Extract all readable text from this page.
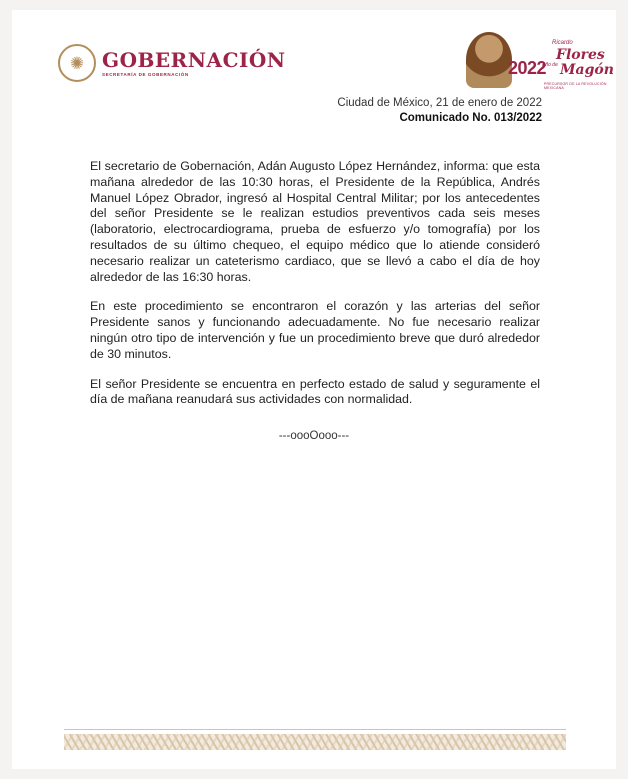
✺ GOBERNACIÓN
SECRETARÍA DE GOBERNACIÓN	2022
Ricardo
Flores
Año de Magón
PRECURSOR DE LA REVOLUCIÓN MEXICANA
Ciudad de México, 21 de enero de 2022
Comunicado No. 013/2022

El secretario de Gobernación, Adán Augusto López Hernández, informa: que esta mañana alrededor de las 10:30 horas, el Presidente de la República, Andrés Manuel López Obrador, ingresó al Hospital Central Militar; por los antecedentes del señor Presidente se le realizan estudios preventivos cada seis meses (laboratorio, electrocardiograma, prueba de esfuerzo y/o tomografía) por los resultados de su último chequeo, el equipo médico que lo atiende consideró necesario realizar un cateterismo cardiaco, que se llevó a cabo el día de hoy alrededor de las 16:30 horas.

En este procedimiento se encontraron el corazón y las arterias del señor Presidente sanos y funcionando adecuadamente. No fue necesario realizar ningún otro tipo de intervención y fue un procedimiento breve que duró alrededor de 30 minutos.

El señor Presidente se encuentra en perfecto estado de salud y seguramente el día de mañana reanudará sus actividades con normalidad.

---oooOooo---
